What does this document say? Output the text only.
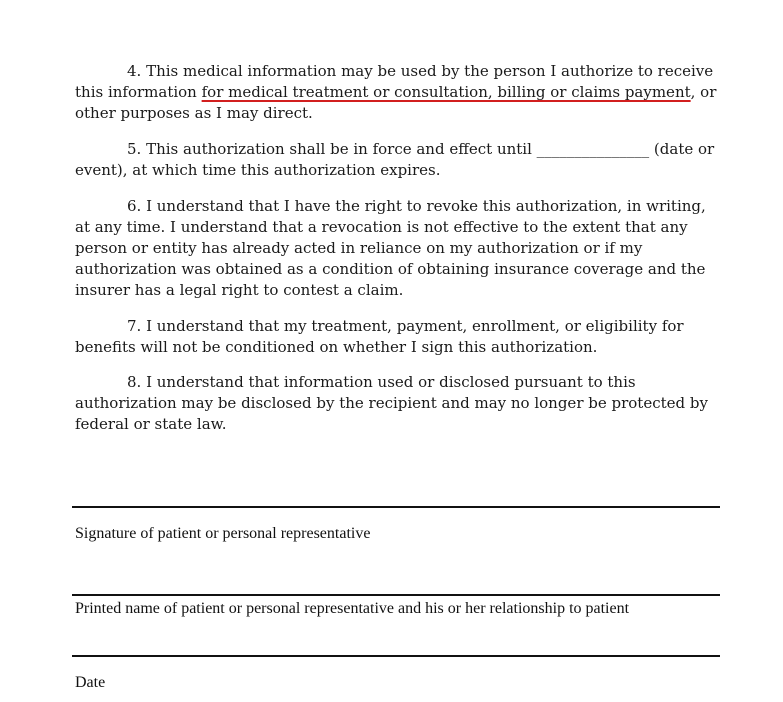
4. This medical information may be used by the person I authorize to receive this information for medical treatment or consultation, billing or claims payment, or other purposes as I may direct.

5. This authorization shall be in force and effect until _______________ (date or event), at which time this authorization expires.

6. I understand that I have the right to revoke this authorization, in writing, at any time. I understand that a revocation is not effective to the extent that any person or entity has already acted in reliance on my authorization or if my authorization was obtained as a condition of obtaining insurance coverage and the insurer has a legal right to contest a claim.

7. I understand that my treatment, payment, enrollment, or eligibility for benefits will not be conditioned on whether I sign this authorization.

8. I understand that information used or disclosed pursuant to this authorization may be disclosed by the recipient and may no longer be protected by federal or state law.

Signature of patient or personal representative
Printed name of patient or personal representative and his or her relationship to patient
Date
